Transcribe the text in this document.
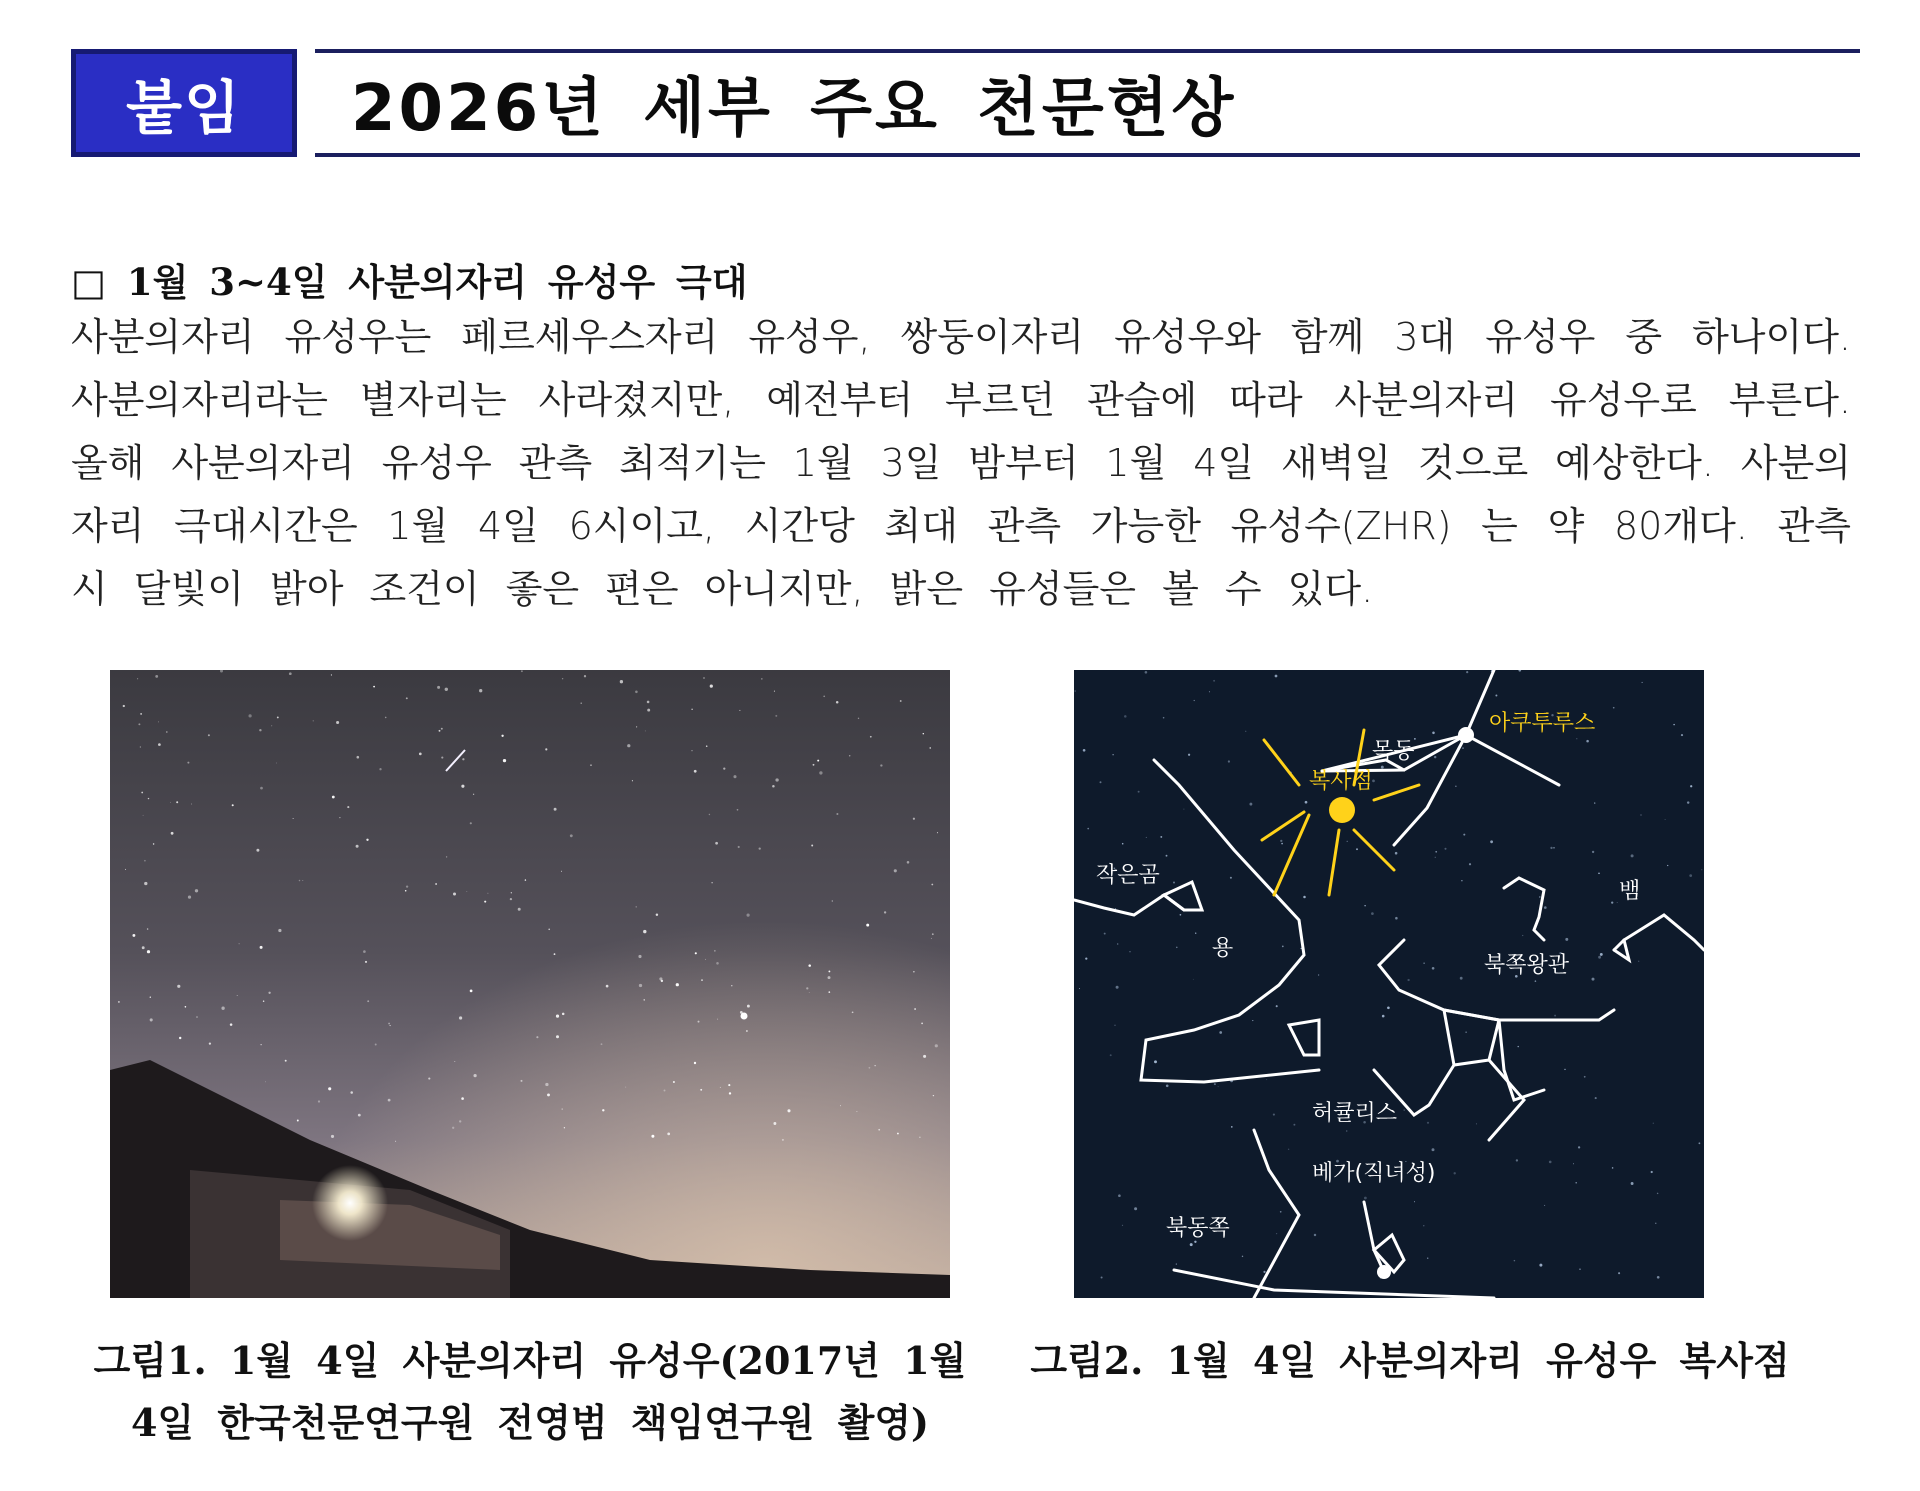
붙임 2026년 세부 주요 천문현상
□ 1월 3~4일 사분의자리 유성우 극대
사분의자리 유성우는 페르세우스자리 유성우, 쌍둥이자리 유성우와 함께 3대 유성우 중 하나이다. 사분의자리라는 별자리는 사라졌지만, 예전부터 부르던 관습에 따라 사분의자리 유성우로 부른다. 올해 사분의자리 유성우 관측 최적기는 1월 3일 밤부터 1월 4일 새벽일 것으로 예상한다. 사분의자리 극대시간은 1월 4일 6시이고, 시간당 최대 관측 가능한 유성수(ZHR) 는 약 80개다. 관측 시 달빛이 밝아 조건이 좋은 편은 아니지만, 밝은 유성들은 볼 수 있다.
아쿠투루스
목동
복사점
작은곰
뱀
용
북쪽왕관
허큘리스
베가(직녀성)
북동쪽
그림1. 1월 4일 사분의자리 유성우(2017년 1월
4일 한국천문연구원 전영범 책임연구원 촬영)
그림2. 1월 4일 사분의자리 유성우 복사점
